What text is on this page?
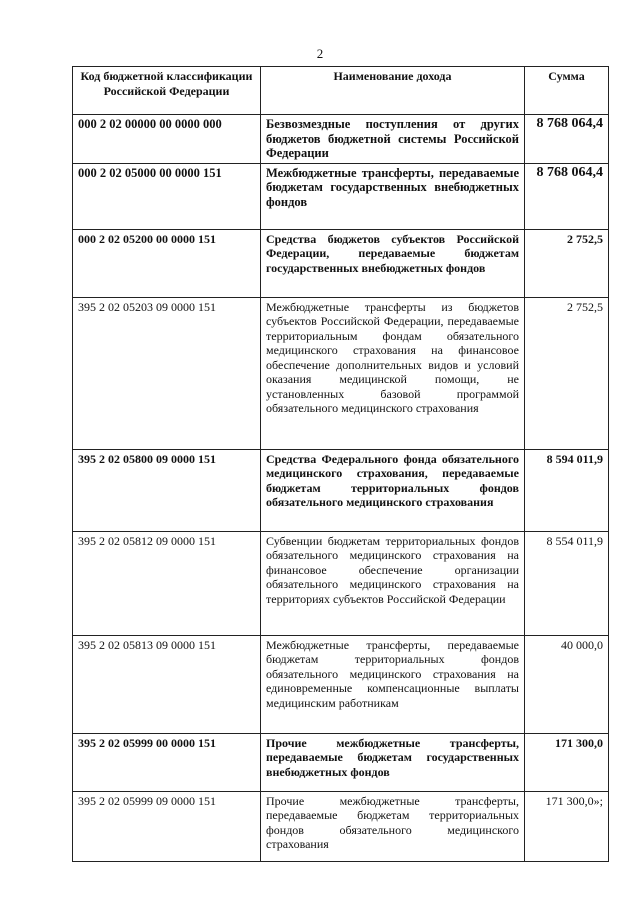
2
Код бюджетной классификации Российской Федерации	Наименование дохода	Сумма
000 2 02 00000 00 0000 000	Безвозмездные поступления от других бюджетов бюджетной системы Российской Федерации	8 768 064,4
000 2 02 05000 00 0000 151	Межбюджетные трансферты, передаваемые бюджетам государственных внебюджетных фондов	8 768 064,4
000 2 02 05200 00 0000 151	Средства бюджетов субъектов Российской Федерации, передаваемые бюджетам государственных внебюджетных фондов	2 752,5
395 2 02 05203 09 0000 151	Межбюджетные трансферты из бюджетов субъектов Российской Федерации, передаваемые территориальным фондам обязательного медицинского страхования на финансовое обеспечение дополнительных видов и условий оказания медицинской помощи, не установленных базовой программой обязательного медицинского страхования	2 752,5
395 2 02 05800 09 0000 151	Средства Федерального фонда обязательного медицинского страхования, передаваемые бюджетам территориальных фондов обязательного медицинского страхования	8 594 011,9
395 2 02 05812 09 0000 151	Субвенции бюджетам территориальных фондов обязательного медицинского страхования на финансовое обеспечение организации обязательного медицинского страхования на территориях субъектов Российской Федерации	8 554 011,9
395 2 02 05813 09 0000 151	Межбюджетные трансферты, передаваемые бюджетам территориальных фондов обязательного медицинского страхования на единовременные компенсационные выплаты медицинским работникам	40 000,0
395 2 02 05999 00 0000 151	Прочие межбюджетные трансферты, передаваемые бюджетам государственных внебюджетных фондов	171 300,0
395 2 02 05999 09 0000 151	Прочие межбюджетные трансферты, передаваемые бюджетам территориальных фондов обязательного медицинского страхования	171 300,0»;
